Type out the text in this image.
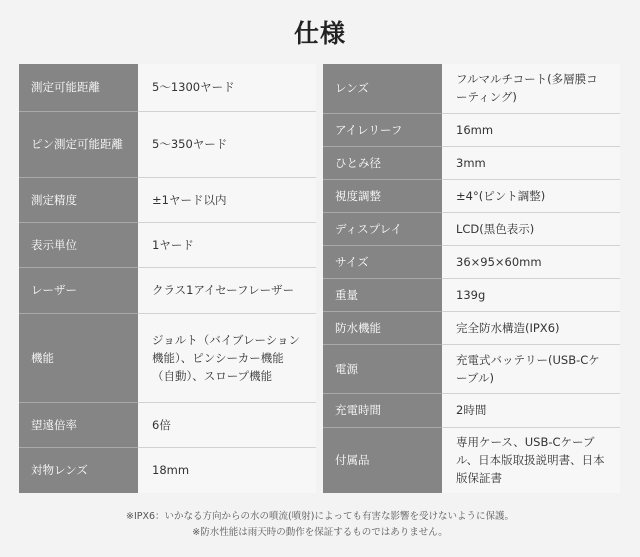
仕様
測定可能距離	5〜1300ヤード
ピン測定可能距離	5〜350ヤード
測定精度	±1ヤード以内
表示単位	1ヤード
レーザー	クラス1アイセーフレーザー
機能	ジョルト（バイブレーション機能）、ピンシーカー機能（自動）、スロープ機能
望遠倍率	6倍
対物レンズ	18mm
レンズ	フルマルチコート(多層膜コーティング)
アイレリーフ	16mm
ひとみ径	3mm
視度調整	±4°(ピント調整)
ディスプレイ	LCD(黒色表示)
サイズ	36×95×60mm
重量	139g
防水機能	完全防水構造(IPX6)
電源	充電式バッテリー(USB-Cケーブル)
充電時間	2時間
付属品	専用ケース、USB-Cケーブル、日本版取扱説明書、日本版保証書
※IPX6：いかなる方向からの水の噴流(噴射)によっても有害な影響を受けないように保護。
※防水性能は雨天時の動作を保証するものではありません。
